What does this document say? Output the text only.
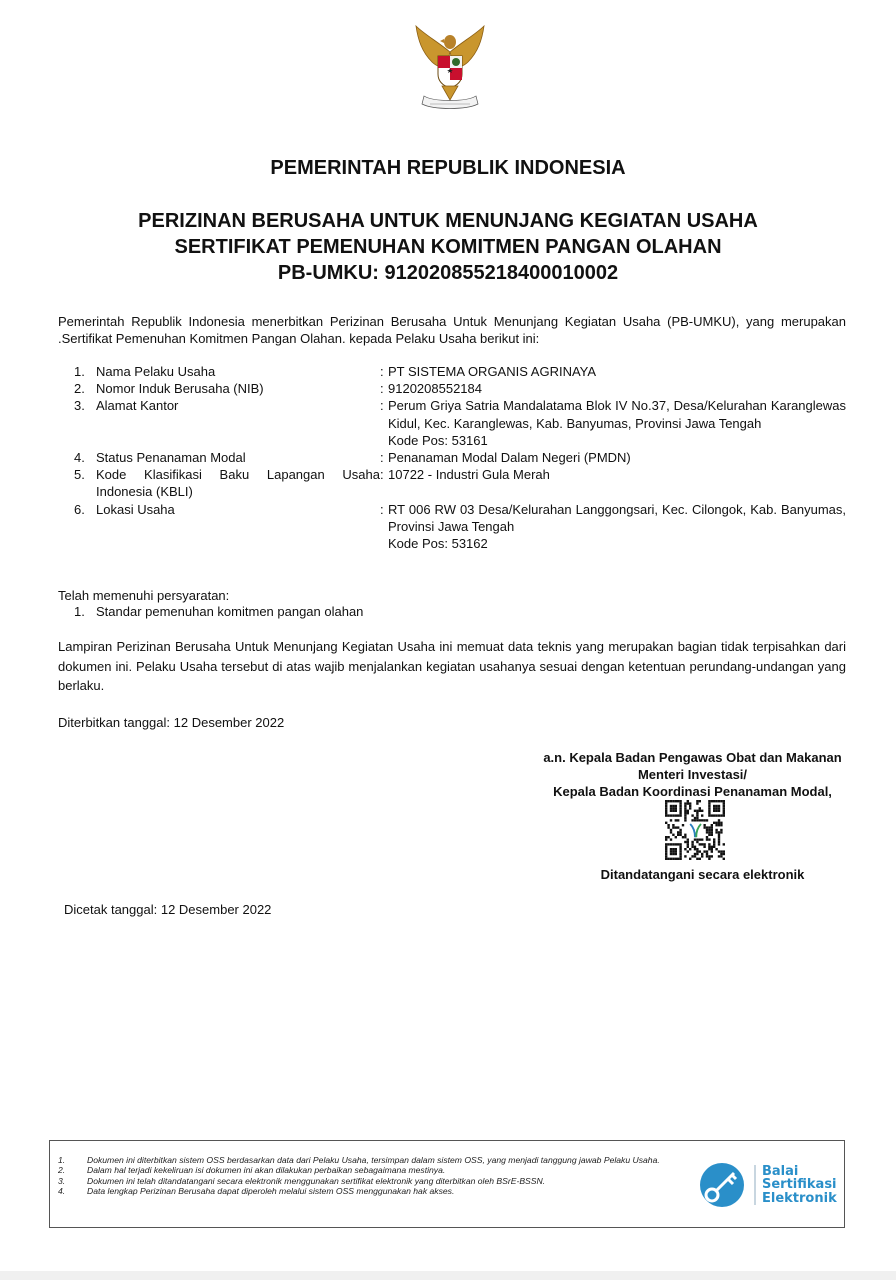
PEMERINTAH REPUBLIK INDONESIA
PERIZINAN BERUSAHA UNTUK MENUNJANG KEGIATAN USAHA
SERTIFIKAT PEMENUHAN KOMITMEN PANGAN OLAHAN
PB-UMKU: 91202085521840001000​2
Pemerintah Republik Indonesia menerbitkan Perizinan Berusaha Untuk Menunjang Kegiatan Usaha (PB-UMKU), yang merupakan .Sertifikat Pemenuhan Komitmen Pangan Olahan. kepada Pelaku Usaha berikut ini:
1. Nama Pelaku Usaha	: PT SISTEMA ORGANIS AGRINAYA
2. Nomor Induk Berusaha (NIB)	: 9120208552184
3. Alamat Kantor	: Perum Griya Satria Mandalatama Blok IV No.37, Desa/Kelurahan Karanglewas Kidul, Kec. Karanglewas, Kab. Banyumas, Provinsi Jawa Tengah
Kode Pos: 53161
4. Status Penanaman Modal	: Penanaman Modal Dalam Negeri (PMDN)
5. Kode Klasifikasi Baku Lapangan Usaha Indonesia (KBLI)
: 10722 - Industri Gula Merah
6. Lokasi Usaha	: RT 006 RW 03 Desa/Kelurahan Langgongsari, Kec. Cilongok, Kab. Banyumas, Provinsi Jawa Tengah
Kode Pos: 53162
Telah memenuhi persyaratan:
1. Standar pemenuhan komitmen pangan olahan
Lampiran Perizinan Berusaha Untuk Menunjang Kegiatan Usaha ini memuat data teknis yang merupakan bagian tidak terpisahkan dari dokumen ini. Pelaku Usaha tersebut di atas wajib menjalankan kegiatan usahanya sesuai dengan ketentuan perundang-undangan yang berlaku.
Diterbitkan tanggal: 12 Desember 2022
a.n. Kepala Badan Pengawas Obat dan Makanan
Menteri Investasi/
Kepala Badan Koordinasi Penanaman Modal,
Ditandatangani secara elektronik
Dicetak tanggal: 12 Desember 2022
1.	Dokumen ini diterbitkan sistem OSS berdasarkan data dari Pelaku Usaha, tersimpan dalam sistem OSS, yang menjadi tanggung jawab Pelaku Usaha.
2.	Dalam hal terjadi kekeliruan isi dokumen ini akan dilakukan perbaikan sebagaimana mestinya.
3.	Dokumen ini telah ditandatangani secara elektronik menggunakan sertifikat elektronik yang diterbitkan oleh BSrE-BSSN.
4.	Data lengkap Perizinan Berusaha dapat diperoleh melalui sistem OSS menggunakan hak akses.
Balai
Sertifikasi
Elektronik
